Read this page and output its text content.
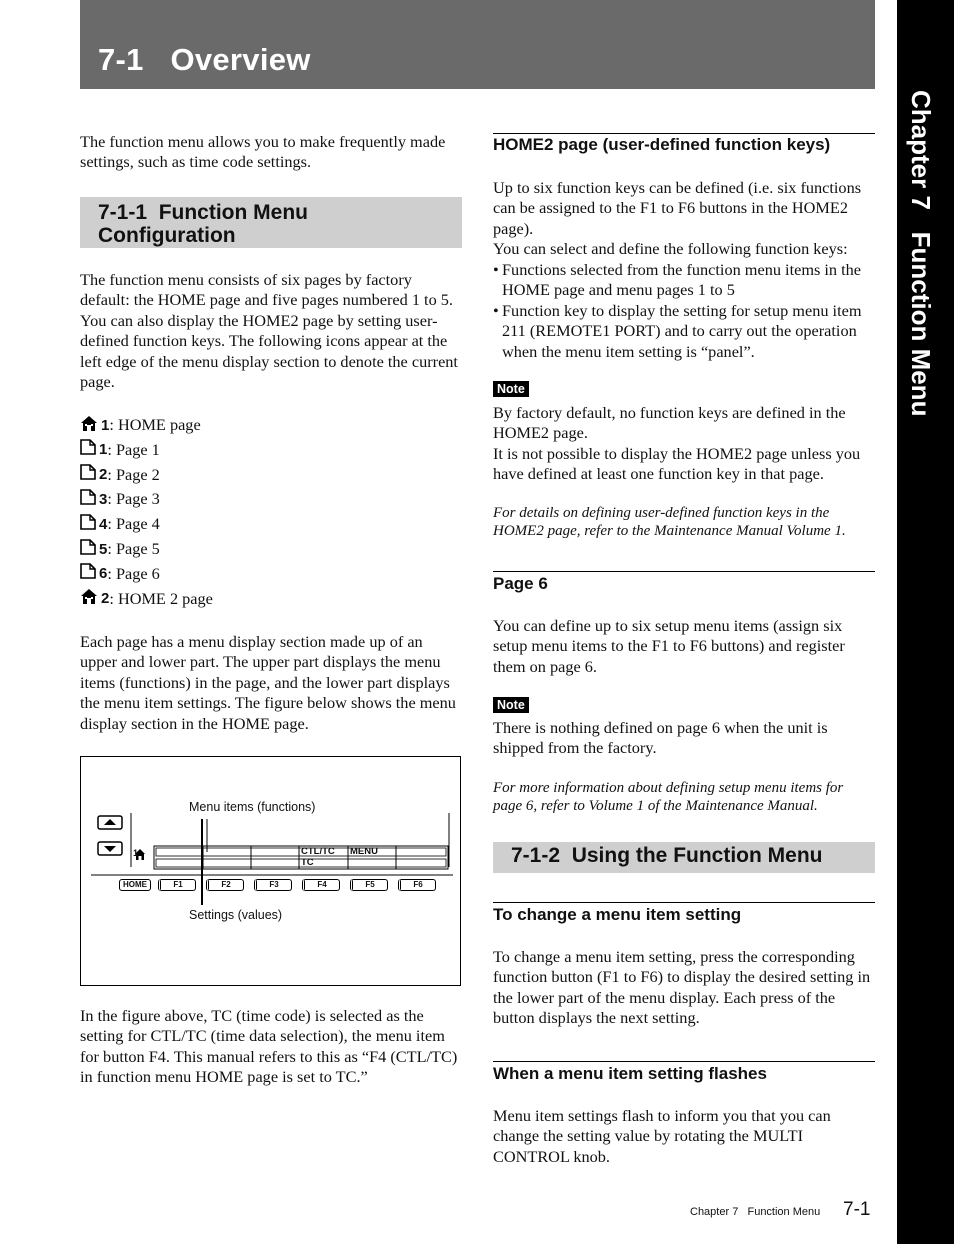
7-1   Overview
Chapter 7   Function Menu

The function menu allows you to make frequently made settings, such as time code settings.

7-1-1  Function Menu Configuration

The function menu consists of six pages by factory default: the HOME page and five pages numbered 1 to 5. You can also display the HOME2 page by setting user-defined function keys. The following icons appear at the left edge of the menu display section to denote the current page.

1 : HOME page
1 : Page 1
2 : Page 2
3 : Page 3
4 : Page 4
5 : Page 5
6 : Page 6
2 : HOME 2 page

Each page has a menu display section made up of an upper and lower part. The upper part displays the menu items (functions) in the page, and the lower part displays the menu item settings. The figure below shows the menu display section in the HOME page.

Menu items (functions)
Settings (values)
1	CTL/TC MENU
TC
HOME	F1	F2	F3	F4	F5	F6

In the figure above, TC (time code) is selected as the setting for CTL/TC (time data selection), the menu item for button F4. This manual refers to this as “F4 (CTL/TC) in function menu HOME page is set to TC.”

HOME2 page (user-defined function keys)

Up to six function keys can be defined (i.e. six functions can be assigned to the F1 to F6 buttons in the HOME2 page).

You can select and define the following function keys:

• Functions selected from the function menu items in the HOME page and menu pages 1 to 5
• Function key to display the setting for setup menu item 211 (REMOTE1 PORT) and to carry out the operation when the menu item setting is “panel”.
Note

By factory default, no function keys are defined in the HOME2 page.

It is not possible to display the HOME2 page unless you have defined at least one function key in that page.

For details on defining user-defined function keys in the HOME2 page, refer to the Maintenance Manual Volume 1.

Page 6

You can define up to six setup menu items (assign six setup menu items to the F1 to F6 buttons) and register them on page 6.

Note

There is nothing defined on page 6 when the unit is shipped from the factory.

For more information about defining setup menu items for page 6, refer to Volume 1 of the Maintenance Manual.

7-1-2  Using the Function Menu
To change a menu item setting

To change a menu item setting, press the corresponding function button (F1 to F6) to display the desired setting in the lower part of the menu display. Each press of the button displays the next setting.

When a menu item setting flashes

Menu item settings flash to inform you that you can change the setting value by rotating the MULTI CONTROL knob.

Chapter 7   Function Menu 7-1
